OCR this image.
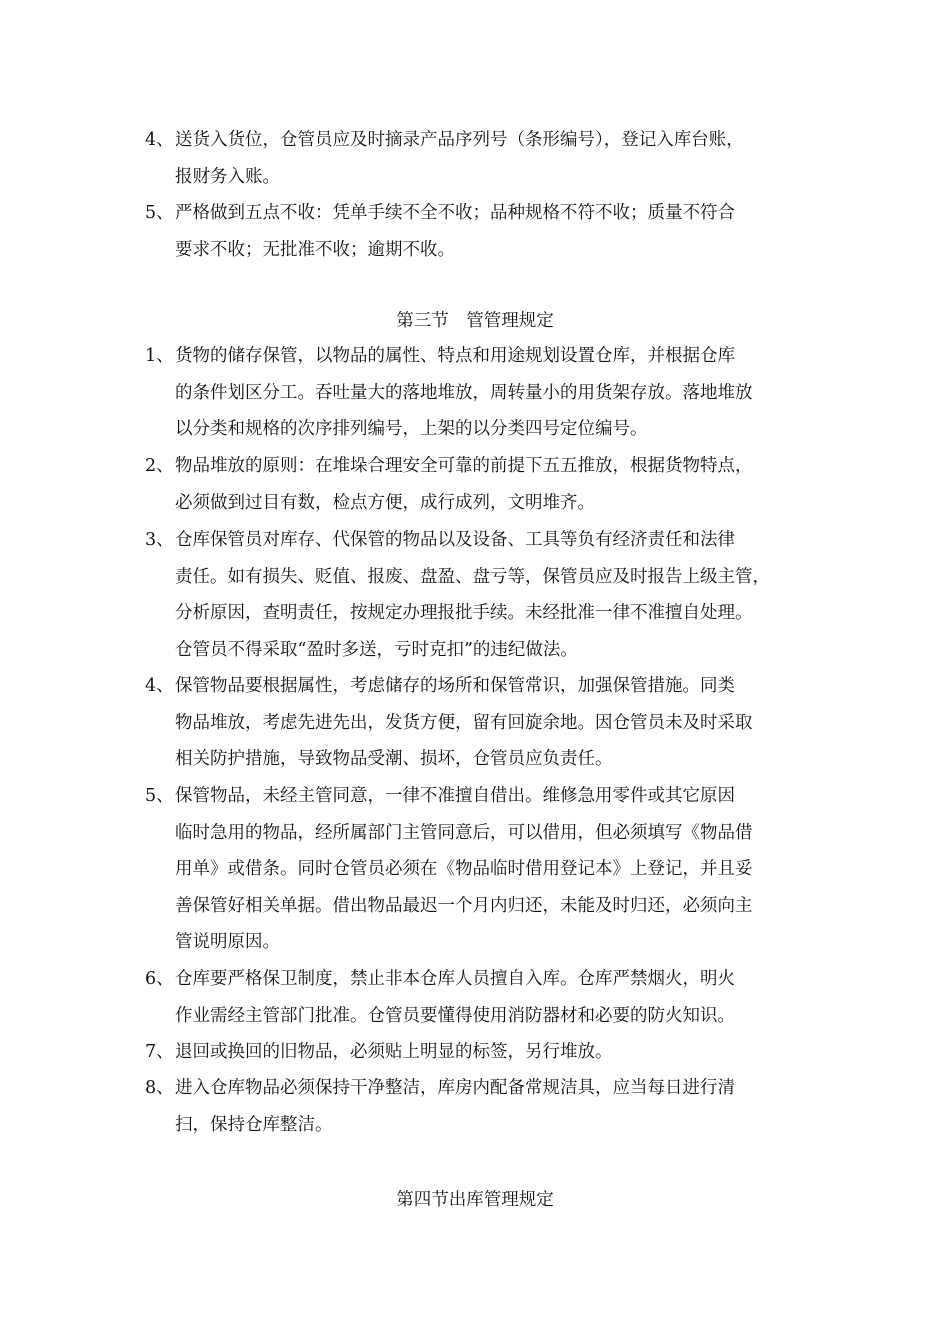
4、 送货入货位，仓管员应及时摘录产品序列号（条形编号），登记入库台账，
报财务入账。
5、 严格做到五点不收：凭单手续不全不收；品种规格不符不收；质量不符合
要求不收；无批准不收；逾期不收。
第三节　管管理规定
1、 货物的储存保管，以物品的属性、特点和用途规划设置仓库，并根据仓库
的条件划区分工。吞吐量大的落地堆放，周转量小的用货架存放。落地堆放
以分类和规格的次序排列编号，上架的以分类四号定位编号。
2、 物品堆放的原则：在堆垛合理安全可靠的前提下五五推放，根据货物特点，
必须做到过目有数，检点方便，成行成列，文明堆齐。
3、 仓库保管员对库存、代保管的物品以及设备、工具等负有经济责任和法律
责任。如有损失、贬值、报废、盘盈、盘亏等，保管员应及时报告上级主管，
分析原因，查明责任，按规定办理报批手续。未经批准一律不准擅自处理。
仓管员不得采取“盈时多送，亏时克扣”的违纪做法。
4、 保管物品要根据属性，考虑储存的场所和保管常识，加强保管措施。同类
物品堆放，考虑先进先出，发货方便，留有回旋余地。因仓管员未及时采取
相关防护措施，导致物品受潮、损坏，仓管员应负责任。
5、 保管物品，未经主管同意，一律不准擅自借出。维修急用零件或其它原因
临时急用的物品，经所属部门主管同意后，可以借用，但必须填写《物品借
用单》或借条。同时仓管员必须在《物品临时借用登记本》上登记，并且妥
善保管好相关单据。借出物品最迟一个月内归还，未能及时归还，必须向主
管说明原因。
6、 仓库要严格保卫制度，禁止非本仓库人员擅自入库。仓库严禁烟火，明火
作业需经主管部门批准。仓管员要懂得使用消防器材和必要的防火知识。
7、 退回或换回的旧物品，必须贴上明显的标签，另行堆放。
8、 进入仓库物品必须保持干净整洁，库房内配备常规洁具，应当每日进行清
扫，保持仓库整洁。
第四节出库管理规定
